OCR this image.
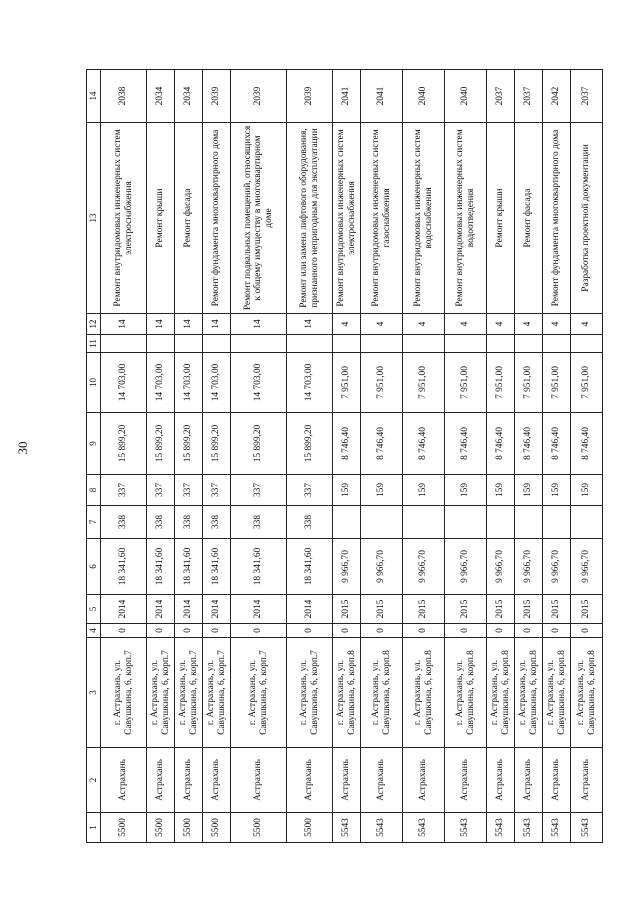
30
1	2	3	4	5	6	7	8	9	10	11	12	13	14
5500	Астрахань	г. Астрахань, ул. Савушкина, 6, корп.7	0	2014	18 341,60	338	337	15 899,20	14 703,00		14	Ремонт внутридомовых инженерных систем электроснабжения	2038
5500	Астрахань	г. Астрахань, ул. Савушкина, 6, корп.7	0	2014	18 341,60	338	337	15 899,20	14 703,00		14	Ремонт крыши	2034
5500	Астрахань	г. Астрахань, ул. Савушкина, 6, корп.7	0	2014	18 341,60	338	337	15 899,20	14 703,00		14	Ремонт фасада	2034
5500	Астрахань	г. Астрахань, ул. Савушкина, 6, корп.7	0	2014	18 341,60	338	337	15 899,20	14 703,00		14	Ремонт фундамента многоквартирного дома	2039
5500	Астрахань	г. Астрахань, ул. Савушкина, 6, корп.7	0	2014	18 341,60	338	337	15 899,20	14 703,00		14	Ремонт подвальных помещений, относящихся к общему имуществу в многоквартирном доме	2039
5500	Астрахань	г. Астрахань, ул. Савушкина, 6, корп.7	0	2014	18 341,60	338	337	15 899,20	14 703,00		14	Ремонт или замена лифтового оборудования, признанного непригодным для эксплуатации	2039
5543	Астрахань	г. Астрахань, ул. Савушкина, 6, корп.8	0	2015	9 966,70		159	8 746,40	7 951,00		4	Ремонт внутридомовых инженерных систем электроснабжения	2041
5543	Астрахань	г. Астрахань, ул. Савушкина, 6, корп.8	0	2015	9 966,70		159	8 746,40	7 951,00		4	Ремонт внутридомовых инженерных систем газоснабжения	2041
5543	Астрахань	г. Астрахань, ул. Савушкина, 6, корп.8	0	2015	9 966,70		159	8 746,40	7 951,00		4	Ремонт внутридомовых инженерных систем водоснабжения	2040
5543	Астрахань	г. Астрахань, ул. Савушкина, 6, корп.8	0	2015	9 966,70		159	8 746,40	7 951,00		4	Ремонт внутридомовых инженерных систем водоотведения	2040
5543	Астрахань	г. Астрахань, ул. Савушкина, 6, корп.8	0	2015	9 966,70		159	8 746,40	7 951,00		4	Ремонт крыши	2037
5543	Астрахань	г. Астрахань, ул. Савушкина, 6, корп.8	0	2015	9 966,70		159	8 746,40	7 951,00		4	Ремонт фасада	2037
5543	Астрахань	г. Астрахань, ул. Савушкина, 6, корп.8	0	2015	9 966,70		159	8 746,40	7 951,00		4	Ремонт фундамента многоквартирного дома	2042
5543	Астрахань	г. Астрахань, ул. Савушкина, 6, корп.8	0	2015	9 966,70		159	8 746,40	7 951,00		4	Разработка проектной документации	2037
